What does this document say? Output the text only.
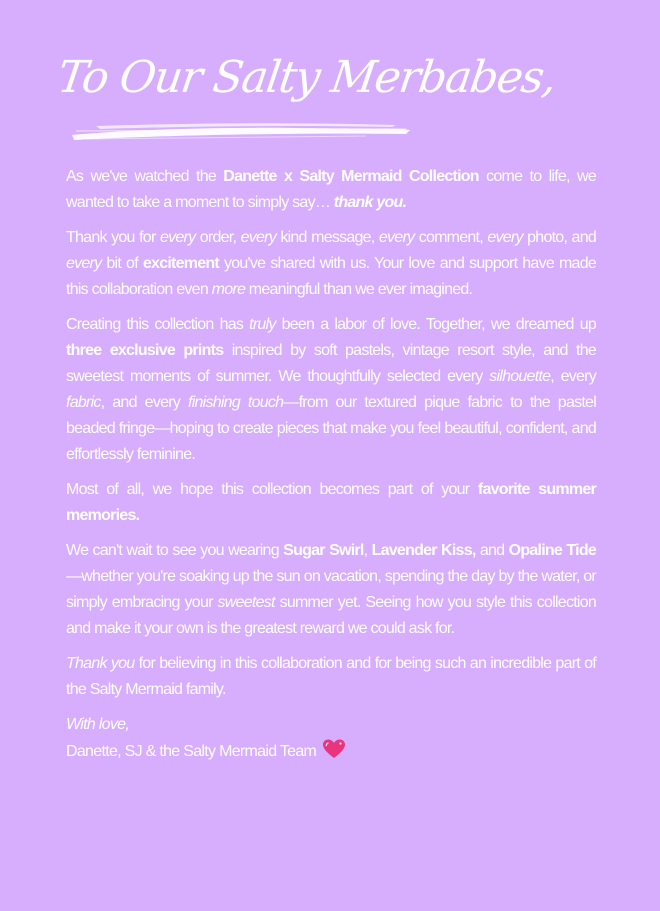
To Our Salty Merbabes,

As we've watched the Danette x Salty Mermaid Collection come to life, we wanted to take a moment to simply say… thank you.

Thank you for every order, every kind message, every comment, every photo, and every bit of excitement you've shared with us. Your love and support have made this collaboration even more meaningful than we ever imagined.

Creating this collection has truly been a labor of love. Together, we dreamed up three exclusive prints inspired by soft pastels, vintage resort style, and the sweetest moments of summer. We thoughtfully selected every silhouette, every fabric, and every finishing touch—from our textured pique fabric to the pastel beaded fringe—hoping to create pieces that make you feel beautiful, confident, and effortlessly feminine.

Most of all, we hope this collection becomes part of your favorite summer memories.

We can't wait to see you wearing Sugar Swirl, Lavender Kiss, and Opaline Tide—whether you're soaking up the sun on vacation, spending the day by the water, or simply embracing your sweetest summer yet. Seeing how you style this collection and make it your own is the greatest reward we could ask for.

Thank you for believing in this collaboration and for being such an incredible part of the Salty Mermaid family.

With love,
Danette, SJ & the Salty Mermaid Team
